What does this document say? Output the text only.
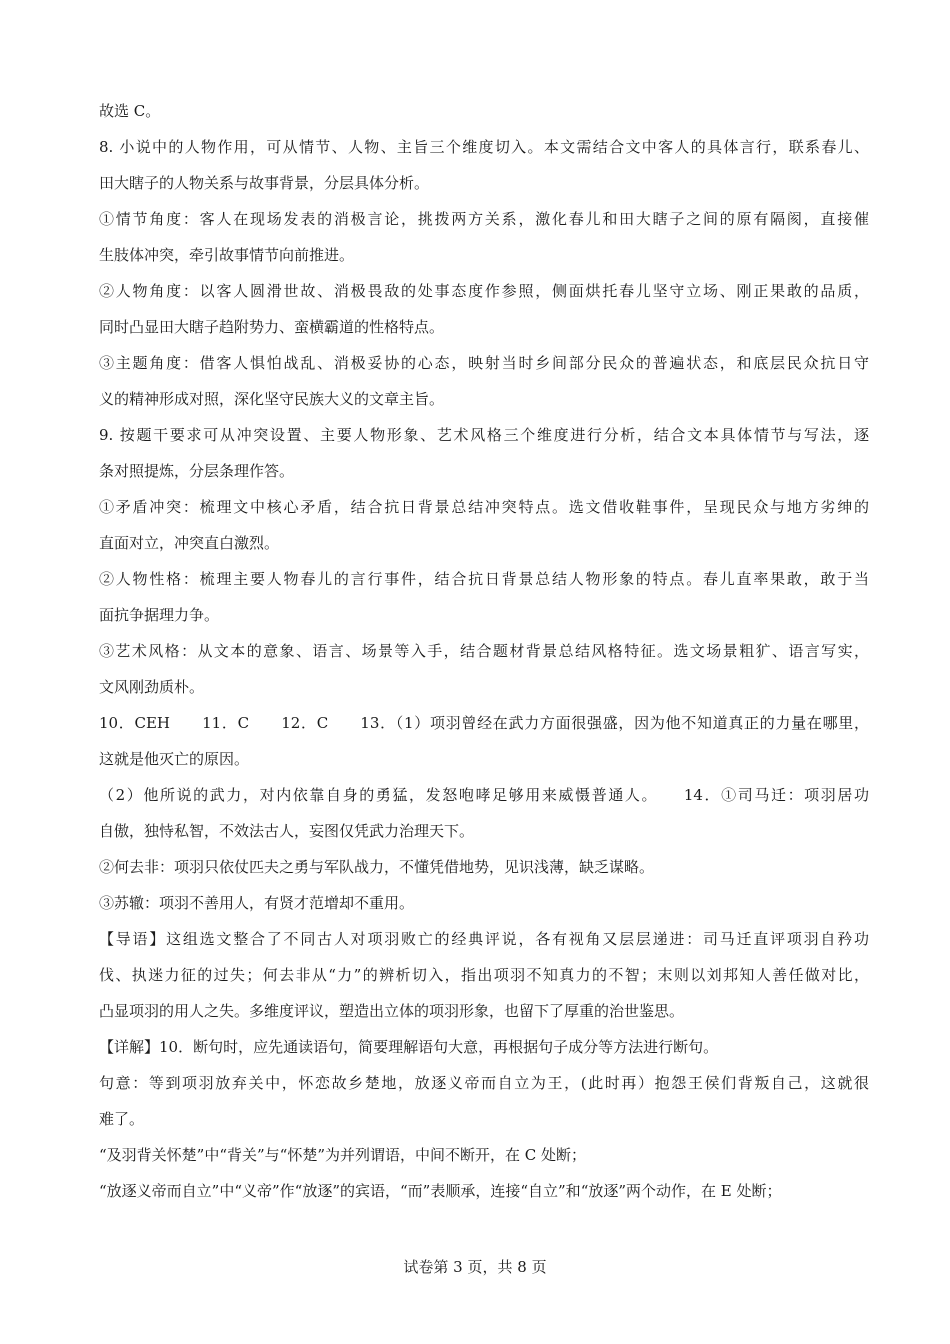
故选 C。
8. 小说中的人物作用，可从情节、人物、主旨三个维度切入。本文需结合文中客人的具体言行，联系春儿、
田大瞎子的人物关系与故事背景，分层具体分析。
①情节角度：客人在现场发表的消极言论，挑拨两方关系，激化春儿和田大瞎子之间的原有隔阂，直接催
生肢体冲突，牵引故事情节向前推进。
②人物角度：以客人圆滑世故、消极畏敌的处事态度作参照，侧面烘托春儿坚守立场、刚正果敢的品质，
同时凸显田大瞎子趋附势力、蛮横霸道的性格特点。
③主题角度：借客人惧怕战乱、消极妥协的心态，映射当时乡间部分民众的普遍状态，和底层民众抗日守
义的精神形成对照，深化坚守民族大义的文章主旨。
9. 按题干要求可从冲突设置、主要人物形象、艺术风格三个维度进行分析，结合文本具体情节与写法，逐
条对照提炼，分层条理作答。
①矛盾冲突：梳理文中核心矛盾，结合抗日背景总结冲突特点。选文借收鞋事件，呈现民众与地方劣绅的
直面对立，冲突直白激烈。
②人物性格：梳理主要人物春儿的言行事件，结合抗日背景总结人物形象的特点。春儿直率果敢，敢于当
面抗争据理力争。
③艺术风格：从文本的意象、语言、场景等入手，结合题材背景总结风格特征。选文场景粗犷、语言写实，
文风刚劲质朴。
10．CEH　　11．C　　12．C　　13．（1）项羽曾经在武力方面很强盛，因为他不知道真正的力量在哪里，
这就是他灭亡的原因。
（2）他所说的武力，对内依靠自身的勇猛，发怒咆哮足够用来威慑普通人。　　14．①司马迁：项羽居功
自傲，独恃私智，不效法古人，妄图仅凭武力治理天下。
②何去非：项羽只依仗匹夫之勇与军队战力，不懂凭借地势，见识浅薄，缺乏谋略。
③苏辙：项羽不善用人，有贤才范增却不重用。
【导语】这组选文整合了不同古人对项羽败亡的经典评说，各有视角又层层递进：司马迁直评项羽自矜功
伐、执迷力征的过失；何去非从“力”的辨析切入，指出项羽不知真力的不智；末则以刘邦知人善任做对比，
凸显项羽的用人之失。多维度评议，塑造出立体的项羽形象，也留下了厚重的治世鉴思。
【详解】10．断句时，应先通读语句，简要理解语句大意，再根据句子成分等方法进行断句。
句意：等到项羽放弃关中，怀恋故乡楚地，放逐义帝而自立为王，(此时再）抱怨王侯们背叛自己，这就很
难了。
“及羽背关怀楚”中“背关”与“怀楚”为并列谓语，中间不断开，在 C 处断；
“放逐义帝而自立”中“义帝”作“放逐”的宾语，“而”表顺承，连接“自立”和“放逐”两个动作，在 E 处断；
试卷第 3 页，共 8 页
